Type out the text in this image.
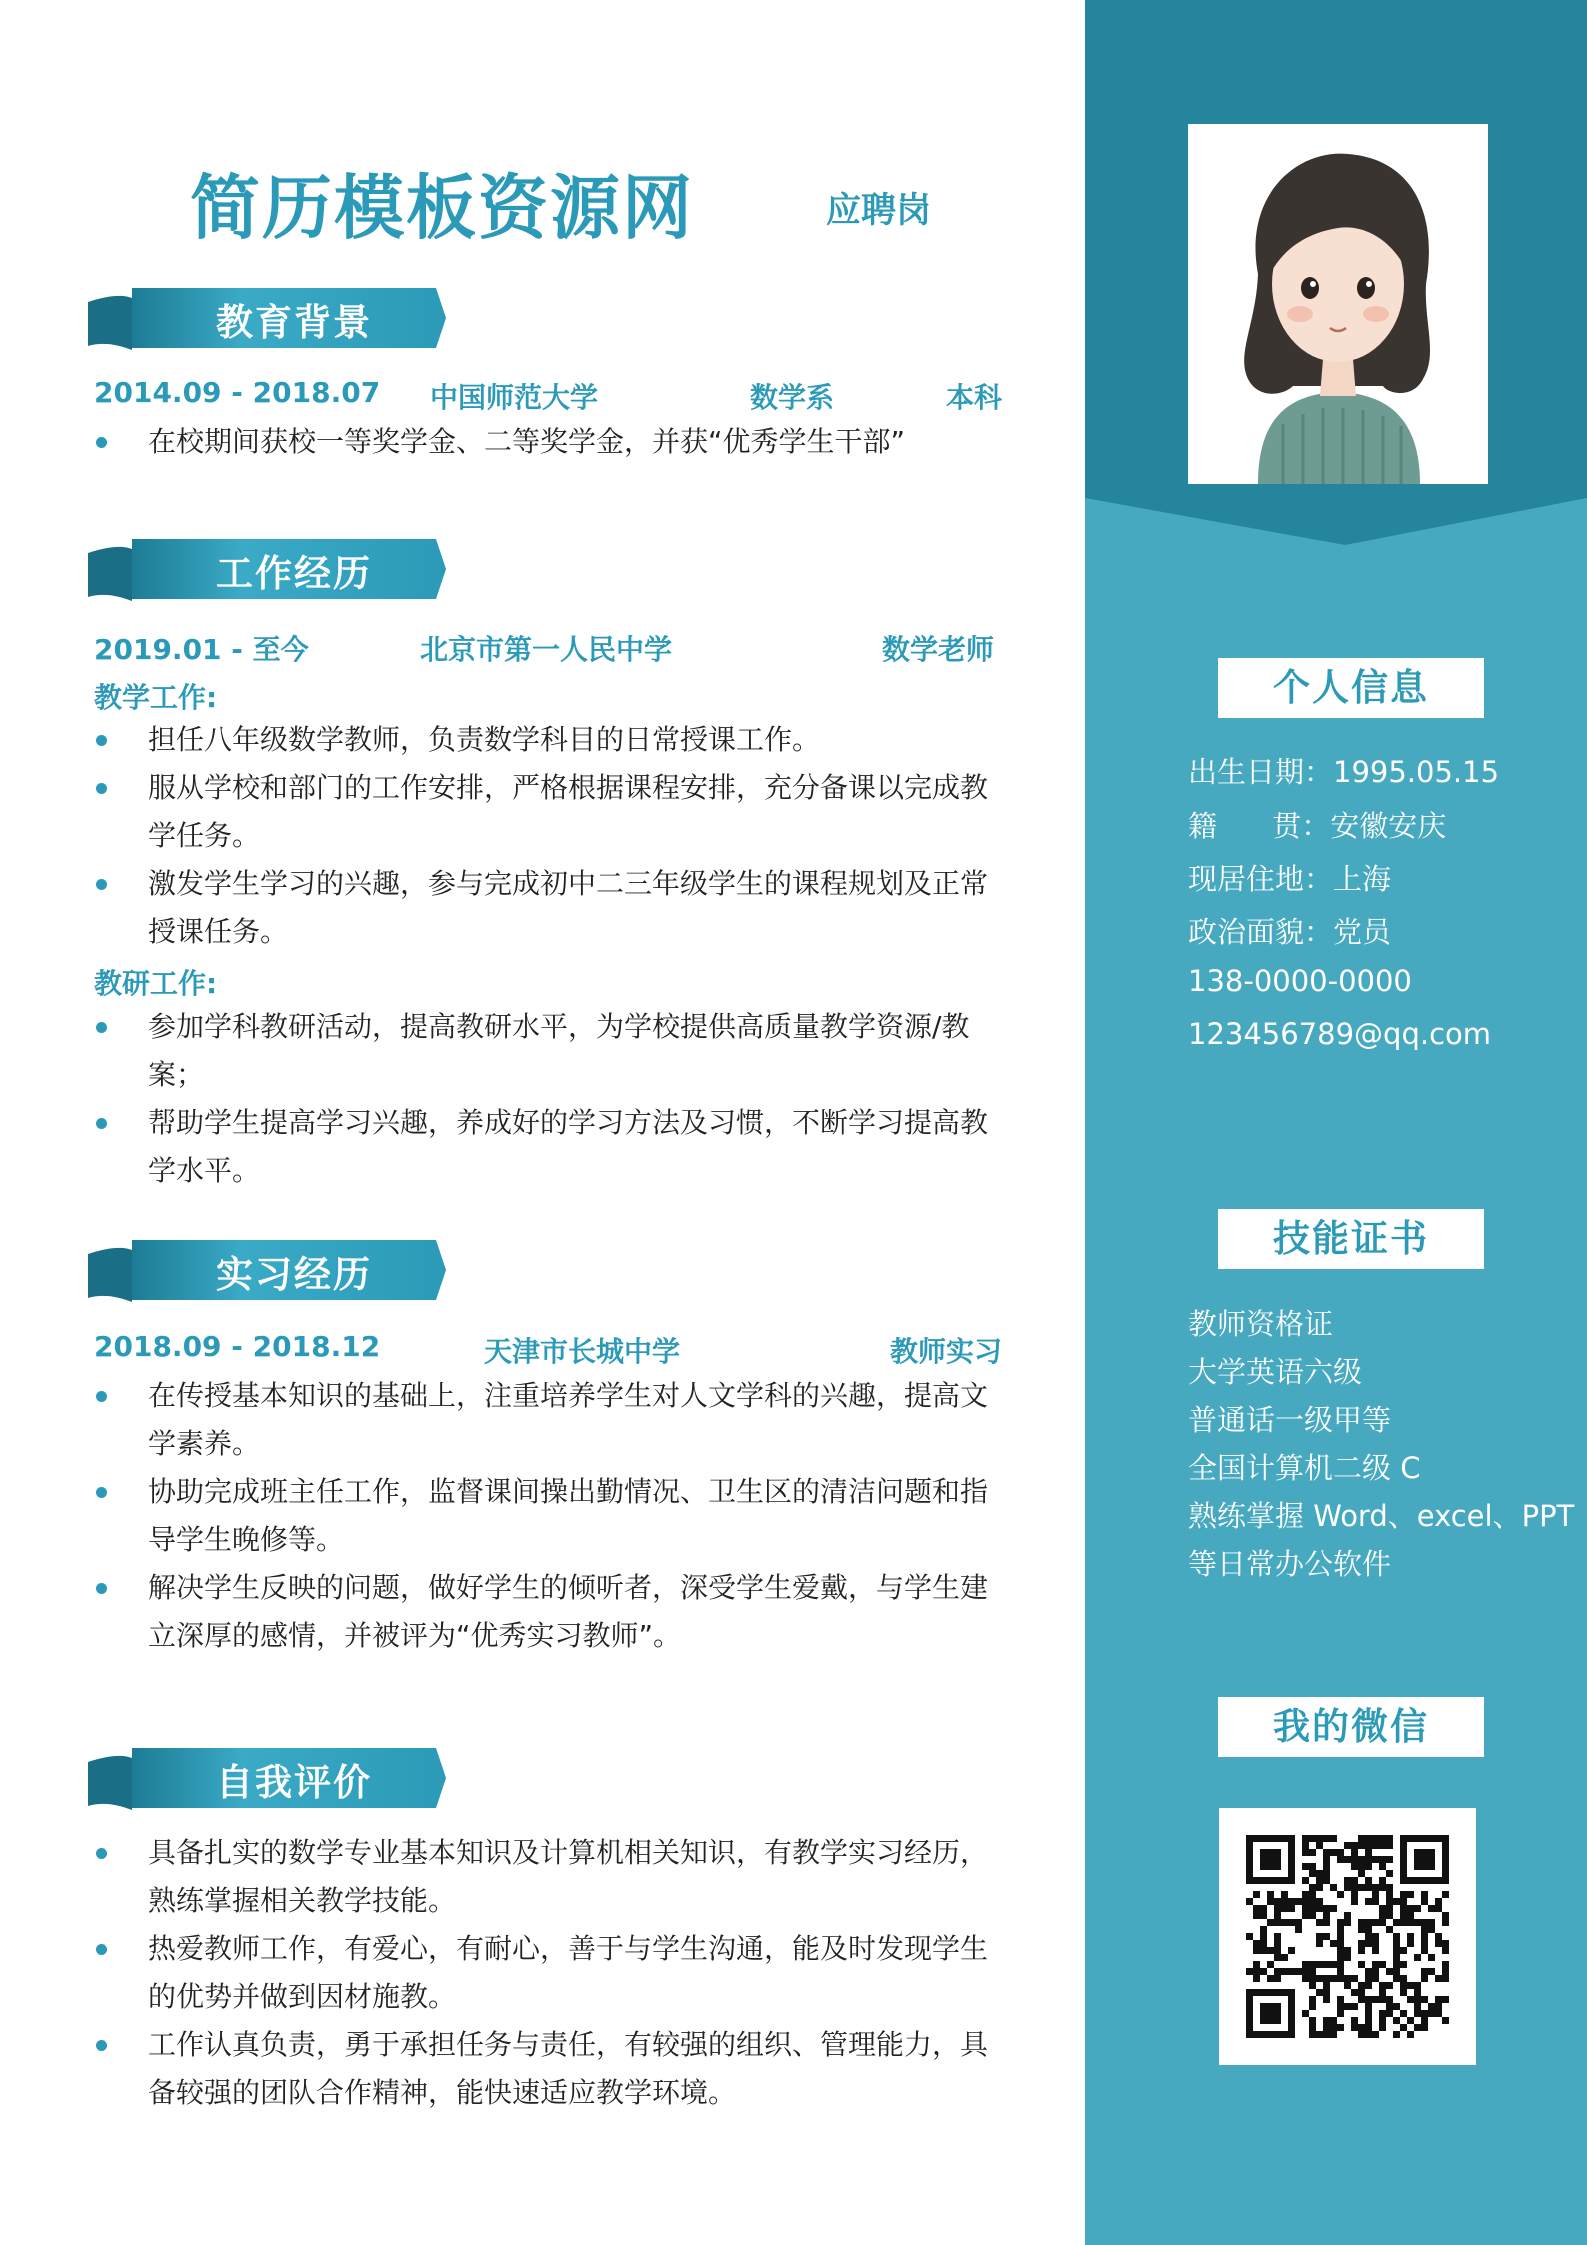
简历模板资源网	应聘岗
教育背景
2014.09 - 2018.07 中国师范大学	数学系	本科
在校期间获校一等奖学金、二等奖学金，并获“优秀学生干部”
工作经历
2019.01 - 至今	北京市第一人民中学	数学老师
教学工作:
担任八年级数学教师，负责数学科目的日常授课工作。
服从学校和部门的工作安排，严格根据课程安排，充分备课以完成教学任务。
激发学生学习的兴趣，参与完成初中二三年级学生的课程规划及正常授课任务。
教研工作:
参加学科教研活动，提高教研水平，为学校提供高质量教学资源/教案；
帮助学生提高学习兴趣，养成好的学习方法及习惯，不断学习提高教学水平。
实习经历
2018.09 - 2018.12	天津市长城中学	教师实习
在传授基本知识的基础上，注重培养学生对人文学科的兴趣，提高文学素养。
协助完成班主任工作，监督课间操出勤情况、卫生区的清洁问题和指导学生晚修等。
解决学生反映的问题，做好学生的倾听者，深受学生爱戴，与学生建立深厚的感情，并被评为“优秀实习教师”。
自我评价
具备扎实的数学专业基本知识及计算机相关知识，有教学实习经历，熟练掌握相关教学技能。
热爱教师工作，有爱心，有耐心，善于与学生沟通，能及时发现学生的优势并做到因材施教。
工作认真负责，勇于承担任务与责任，有较强的组织、管理能力，具备较强的团队合作精神，能快速适应教学环境。
个人信息
出生日期：1995.05.15
籍      贯：安徽安庆
现居住地：上海
政治面貌：党员
138-0000-0000
123456789@qq.com
技能证书
教师资格证
大学英语六级
普通话一级甲等
全国计算机二级 C
熟练掌握 Word、excel、PPT
等日常办公软件
我的微信
